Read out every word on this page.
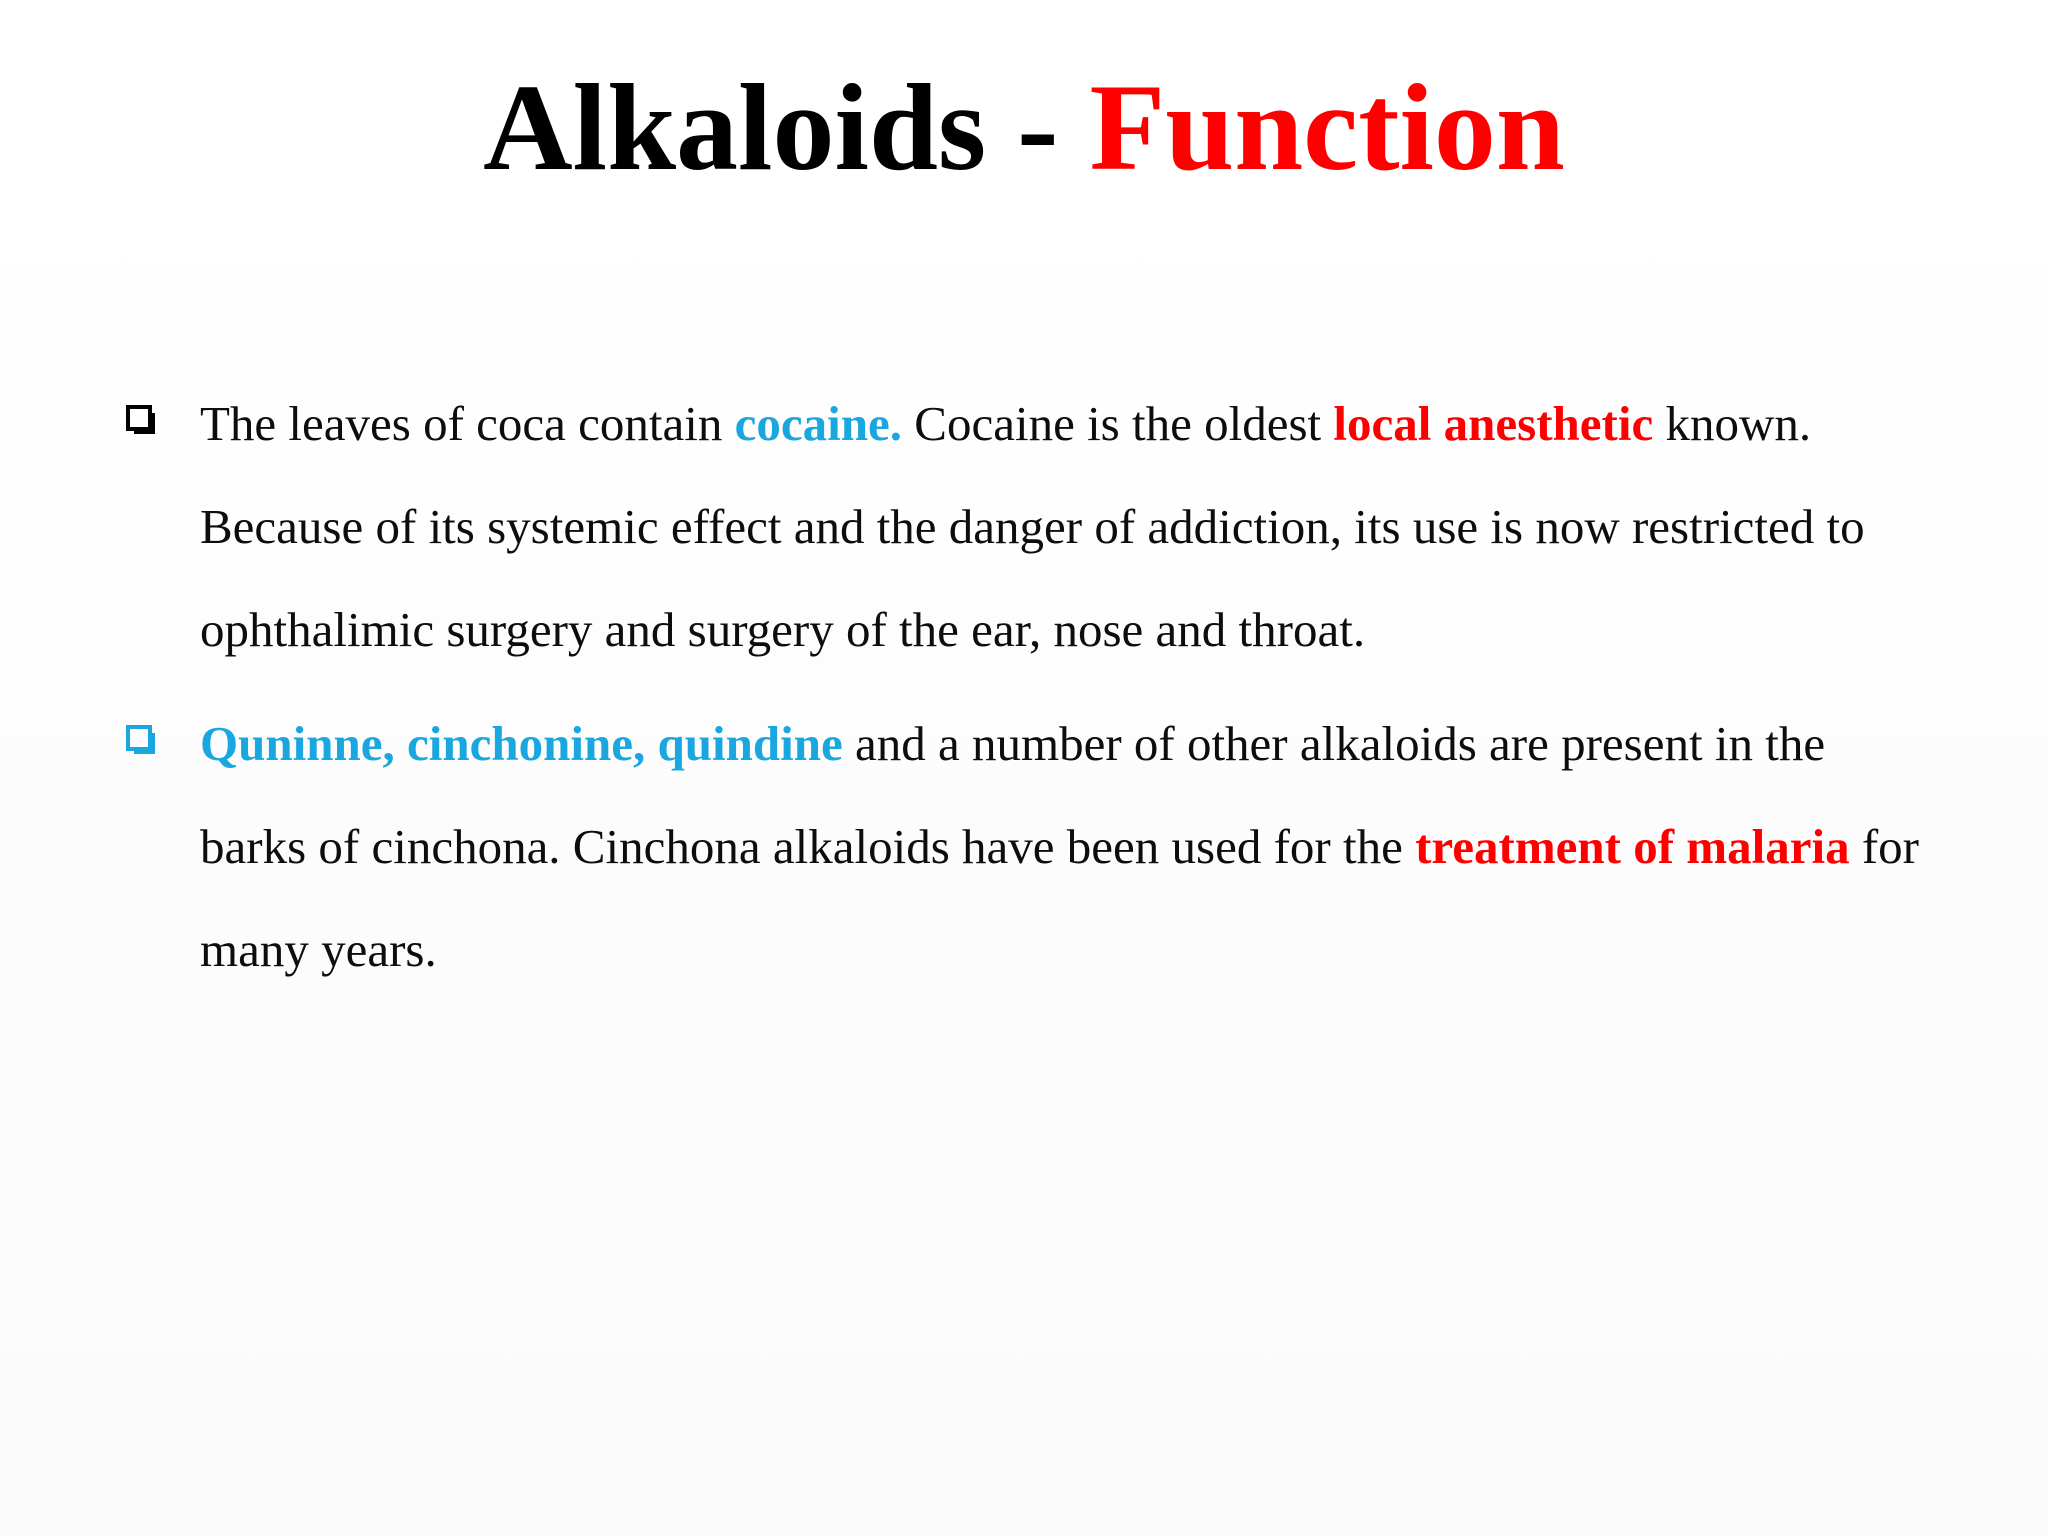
Alkaloids - Function
The leaves of coca contain cocaine. Cocaine is the oldest local anesthetic known. Because of its systemic effect and the danger of addiction, its use is now restricted to ophthalimic surgery and surgery of the ear, nose and throat.
Quninne, cinchonine, quindine and a number of other alkaloids are present in the barks of cinchona. Cinchona alkaloids have been used for the treatment of malaria for many years.
